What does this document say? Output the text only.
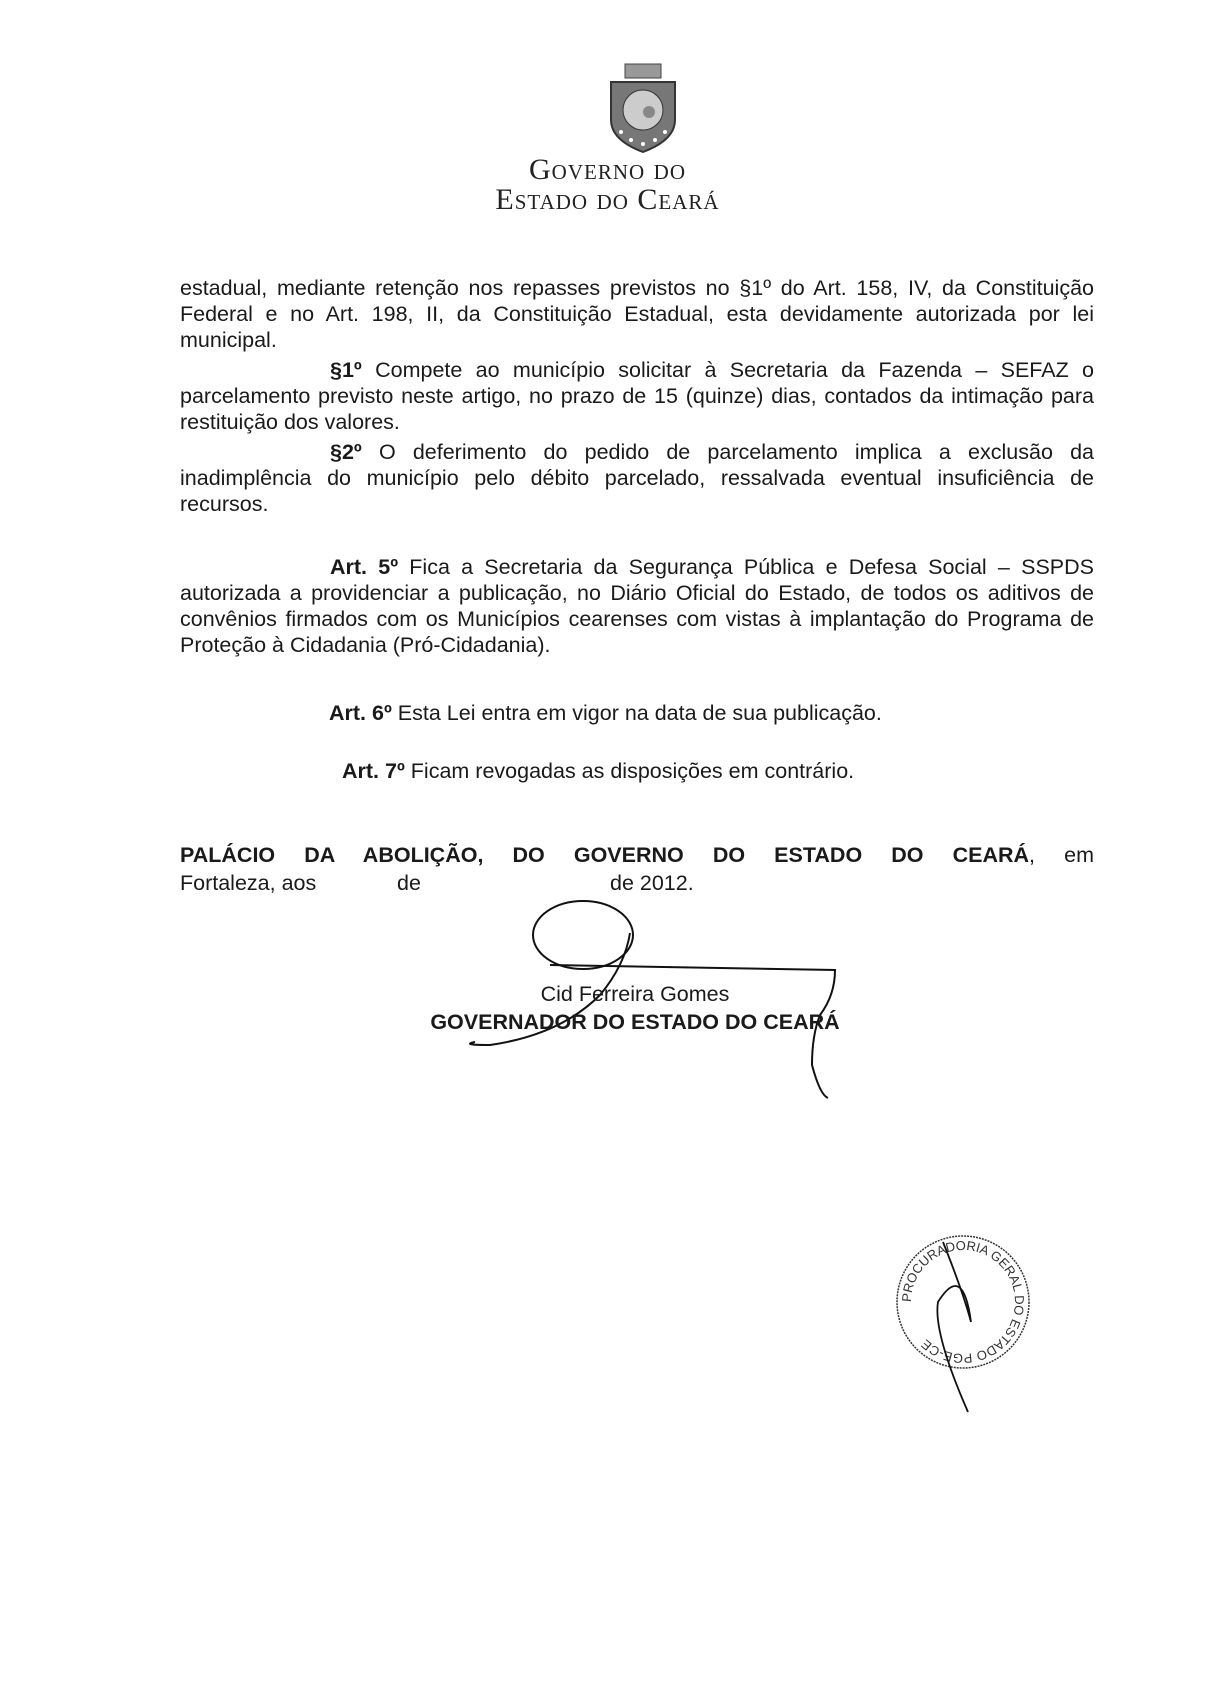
Governo do
Estado do Ceará
estadual, mediante retenção nos repasses previstos no §1º do Art. 158, IV, da Constituição Federal e no Art. 198, II, da Constituição Estadual, esta devidamente autorizada por lei municipal.
§1º Compete ao município solicitar à Secretaria da Fazenda – SEFAZ o parcelamento previsto neste artigo, no prazo de 15 (quinze) dias, contados da intimação para restituição dos valores.
§2º O deferimento do pedido de parcelamento implica a exclusão da inadimplência do município pelo débito parcelado, ressalvada eventual insuficiência de recursos.
Art. 5º Fica a Secretaria da Segurança Pública e Defesa Social – SSPDS autorizada a providenciar a publicação, no Diário Oficial do Estado, de todos os aditivos de convênios firmados com os Municípios cearenses com vistas à implantação do Programa de Proteção à Cidadania (Pró-Cidadania).
Art. 6º Esta Lei entra em vigor na data de sua publicação.
Art. 7º Ficam revogadas as disposições em contrário.
PALÁCIO DA ABOLIÇÃO, DO GOVERNO DO ESTADO DO CEARÁ, em
Fortaleza, aos	de	de 2012.
Cid Ferreira Gomes
GOVERNADOR DO ESTADO DO CEARÁ
PROCURADORIA GERAL DO ESTADO PGE-CE
